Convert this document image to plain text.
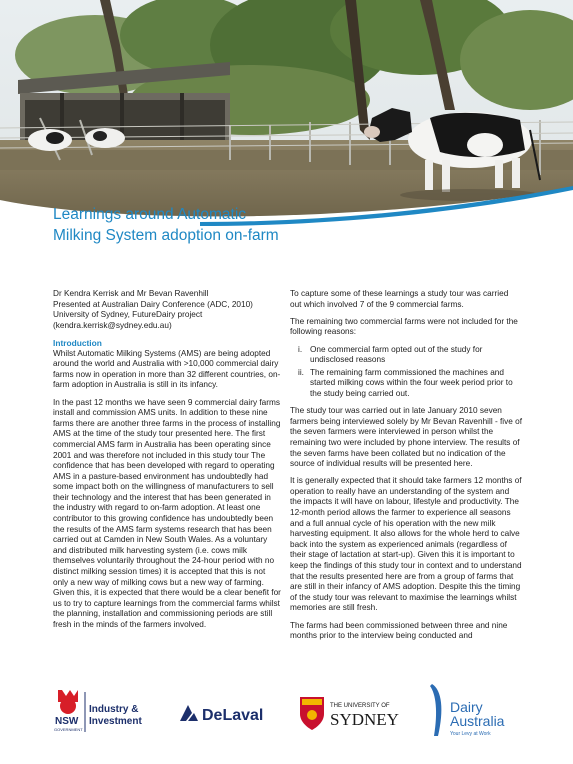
Learnings around Automatic
Milking System adoption on-farm

Dr Kendra Kerrisk and Mr Bevan Ravenhill
Presented at Australian Dairy Conference (ADC, 2010)
University of Sydney, FutureDairy project
(kendra.kerrisk@sydney.edu.au)

Introduction

Whilst Automatic Milking Systems (AMS) are being adopted around the world and Australia with >10,000 commercial dairy farms now in operation in more than 32 different countries, on-farm adoption in Australia is still in its infancy.

In the past 12 months we have seen 9 commercial dairy farms install and commission AMS units. In addition to these nine farms there are another three farms in the process of installing AMS at the time of the study tour presented here. The first commercial AMS farm in Australia has been operating since 2001 and was therefore not included in this study tour The confidence that has been developed with regard to operating AMS in a pasture-based environment has undoubtedly had some impact both on the willingness of manufacturers to sell their technology and the interest that has been generated in the industry with regard to on-farm adoption. At least one contributor to this growing confidence has undoubtedly been the results of the AMS farm systems research that has been carried out at Camden in New South Wales. As a voluntary and distributed milk harvesting system (i.e. cows milk themselves voluntarily throughout the 24-hour period with no distinct milking session times) it is accepted that this is not only a new way of milking cows but a new way of farming. Given this, it is expected that there would be a clear benefit for us to try to capture learnings from the commercial farms whilst the planning, installation and commissioning periods are still fresh in the minds of the farmers involved.

To capture some of these learnings a study tour was carried out which involved 7 of the 9 commercial farms.

The remaining two commercial farms were not included for the following reasons:

i. One commercial farm opted out of the study for undisclosed reasons
ii. The remaining farm commissioned the machines and started milking cows within the four week period prior to the study being carried out.

The study tour was carried out in late January 2010 seven farmers being interviewed solely by Mr Bevan Ravenhill - five of the seven farmers were interviewed in person whilst the remaining two were included by phone interview. The results of the seven farms have been collated but no indication of the source of individual results will be presented here.

It is generally expected that it should take farmers 12 months of operation to really have an understanding of the system and the impacts it will have on labour, lifestyle and productivity. The 12-month period allows the farmer to experience all seasons and a full annual cycle of his operation with the new milk harvesting equipment. It also allows for the whole herd to calve back into the system as experienced animals (regardless of their stage of lactation at start-up). Given this it is important to keep the findings of this study tour in context and to understand that the results presented here are from a group of farms that are still in their infancy of AMS adoption. Despite this the timing of the study tour was relevant to maximise the learnings whilst memories are still fresh.

The farms had been commissioned between three and nine months prior to the interview being conducted and

NSW
GOVERNMENT
Industry &
Investment	DeLaval
THE UNIVERSITY OF
SYDNEY
Dairy
Australia
Your Levy at Work
